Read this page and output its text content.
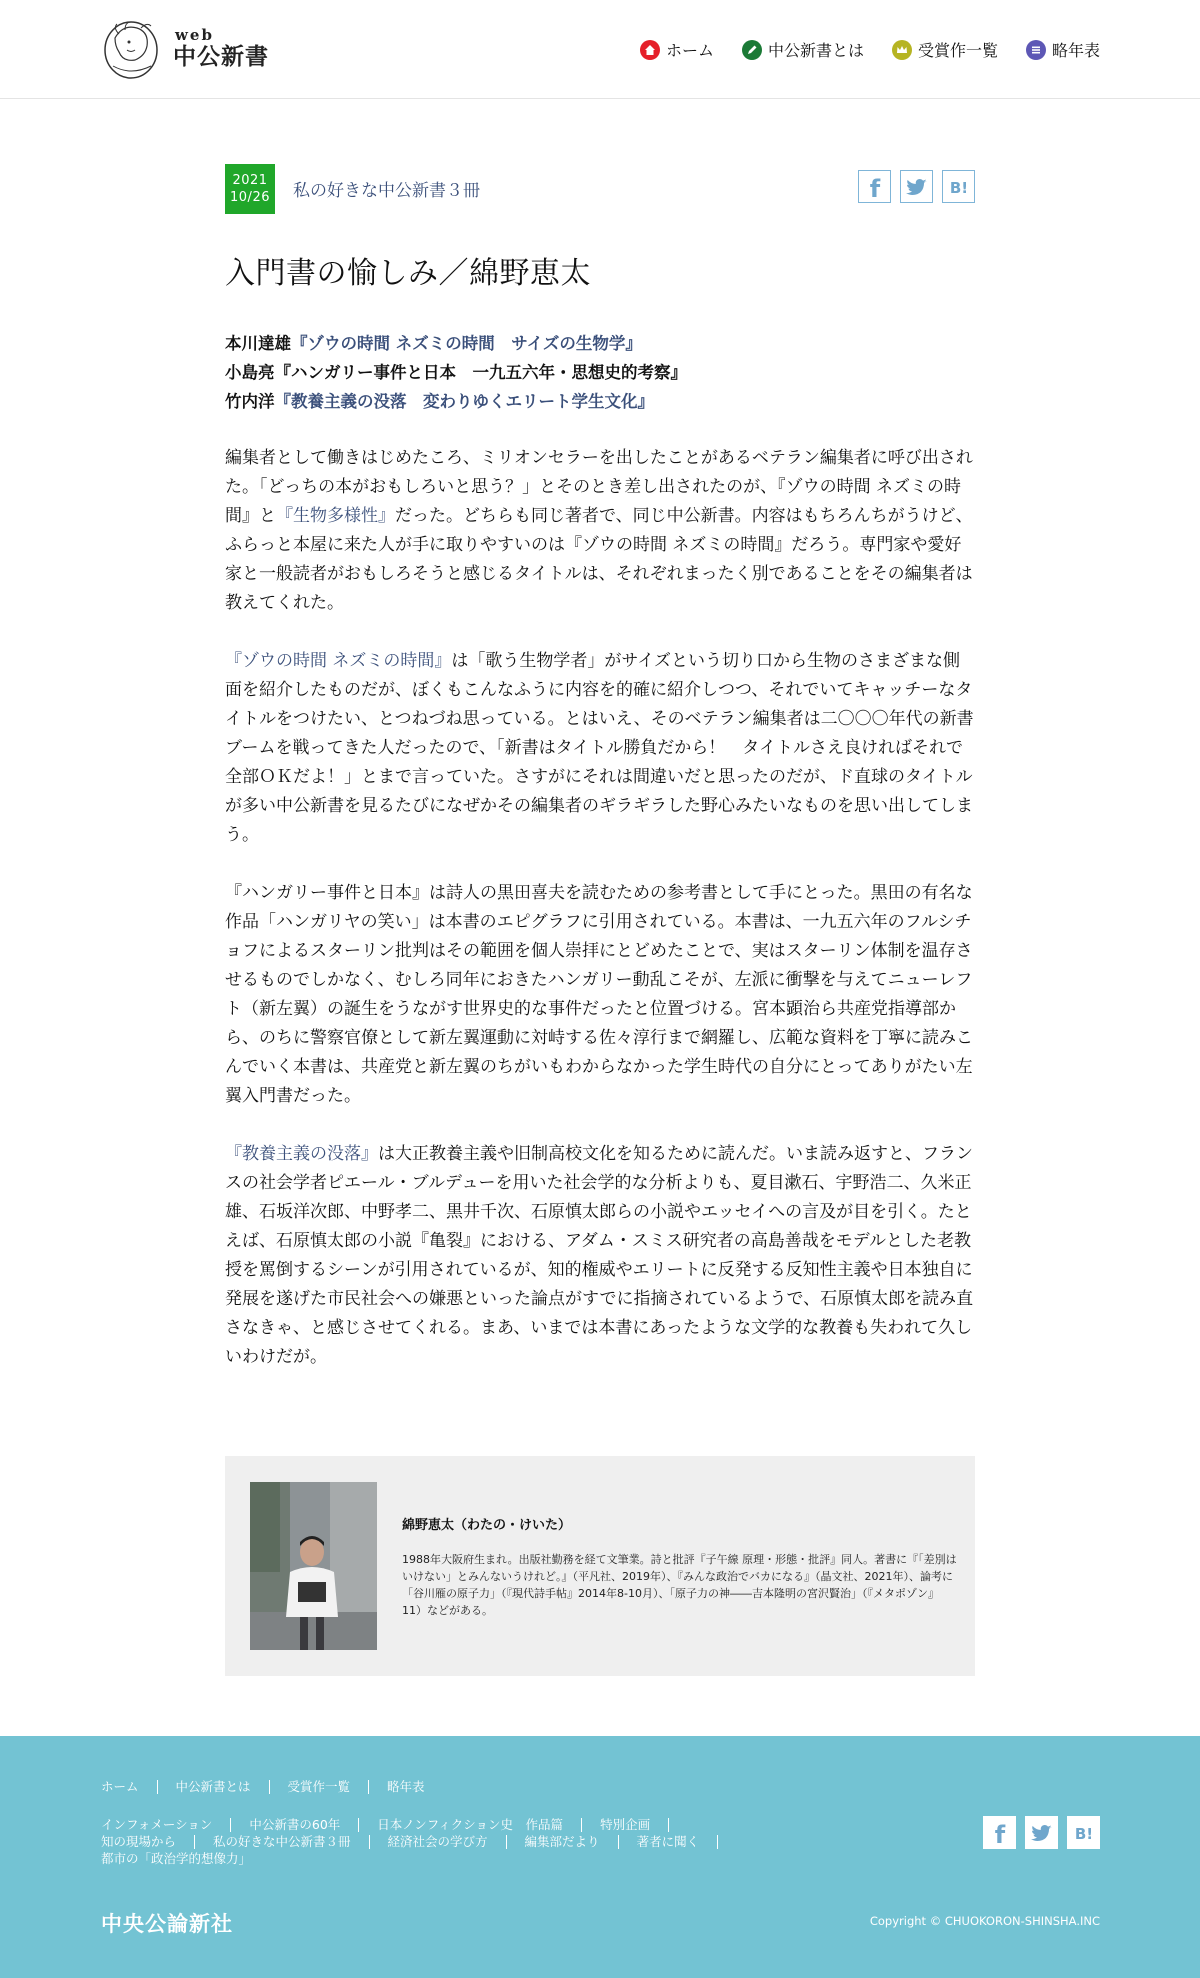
web
中公新書	ホーム	中公新書とは	受賞作一覧	略年表
2021
10/26 私の好きな中公新書３冊	f	B!
入門書の愉しみ／綿野恵太
本川達雄『ゾウの時間 ネズミの時間　サイズの生物学』
小島亮『ハンガリー事件と日本　一九五六年・思想史的考察』
竹内洋『教養主義の没落　変わりゆくエリート学生文化』

編集者として働きはじめたころ、ミリオンセラーを出したことがあるベテラン編集者に呼び出された。「どっちの本がおもしろいと思う？」とそのとき差し出されたのが、『ゾウの時間 ネズミの時間』と『生物多様性』だった。どちらも同じ著者で、同じ中公新書。内容はもちろんちがうけど、ふらっと本屋に来た人が手に取りやすいのは『ゾウの時間 ネズミの時間』だろう。専門家や愛好家と一般読者がおもしろそうと感じるタイトルは、それぞれまったく別であることをその編集者は教えてくれた。

『ゾウの時間 ネズミの時間』は「歌う生物学者」がサイズという切り口から生物のさまざまな側面を紹介したものだが、ぼくもこんなふうに内容を的確に紹介しつつ、それでいてキャッチーなタイトルをつけたい、とつねづね思っている。とはいえ、そのベテラン編集者は二〇〇〇年代の新書ブームを戦ってきた人だったので、「新書はタイトル勝負だから！　タイトルさえ良ければそれで全部ＯＫだよ！」とまで言っていた。さすがにそれは間違いだと思ったのだが、ド直球のタイトルが多い中公新書を見るたびになぜかその編集者のギラギラした野心みたいなものを思い出してしまう。

『ハンガリー事件と日本』は詩人の黒田喜夫を読むための参考書として手にとった。黒田の有名な作品「ハンガリヤの笑い」は本書のエピグラフに引用されている。本書は、一九五六年のフルシチョフによるスターリン批判はその範囲を個人崇拝にとどめたことで、実はスターリン体制を温存させるものでしかなく、むしろ同年におきたハンガリー動乱こそが、左派に衝撃を与えてニューレフト（新左翼）の誕生をうながす世界史的な事件だったと位置づける。宮本顕治ら共産党指導部から、のちに警察官僚として新左翼運動に対峙する佐々淳行まで網羅し、広範な資料を丁寧に読みこんでいく本書は、共産党と新左翼のちがいもわからなかった学生時代の自分にとってありがたい左翼入門書だった。

『教養主義の没落』は大正教養主義や旧制高校文化を知るために読んだ。いま読み返すと、フランスの社会学者ピエール・ブルデューを用いた社会学的な分析よりも、夏目漱石、宇野浩二、久米正雄、石坂洋次郎、中野孝二、黒井千次、石原慎太郎らの小説やエッセイへの言及が目を引く。たとえば、石原慎太郎の小説『亀裂』における、アダム・スミス研究者の高島善哉をモデルとした老教授を罵倒するシーンが引用されているが、知的権威やエリートに反発する反知性主義や日本独自に発展を遂げた市民社会への嫌悪といった論点がすでに指摘されているようで、石原慎太郎を読み直さなきゃ、と感じさせてくれる。まあ、いまでは本書にあったような文学的な教養も失われて久しいわけだが。

綿野恵太（わたの・けいた）

1988年大阪府生まれ。出版社勤務を経て文筆業。詩と批評『子午線 原理・形態・批評』同人。著書に『「差別はいけない」とみんないうけれど。』（平凡社、2019年）、『みんな政治でバカになる』（晶文社、2021年）、論考に「谷川雁の原子力」（『現代詩手帖』2014年8-10月）、「原子力の神――吉本隆明の宮沢賢治」（『メタポゾン』11）などがある。

ホーム	中公新書とは	受賞作一覧	略年表
インフォメーション	中公新書の60年	日本ノンフィクション史　作品篇	特別企画
知の現場から	私の好きな中公新書３冊	経済社会の学び方	編集部だより	著者に聞く
都市の「政治学的想像力」
f	B!
中央公論新社	Copyright © CHUOKORON-SHINSHA.INC
